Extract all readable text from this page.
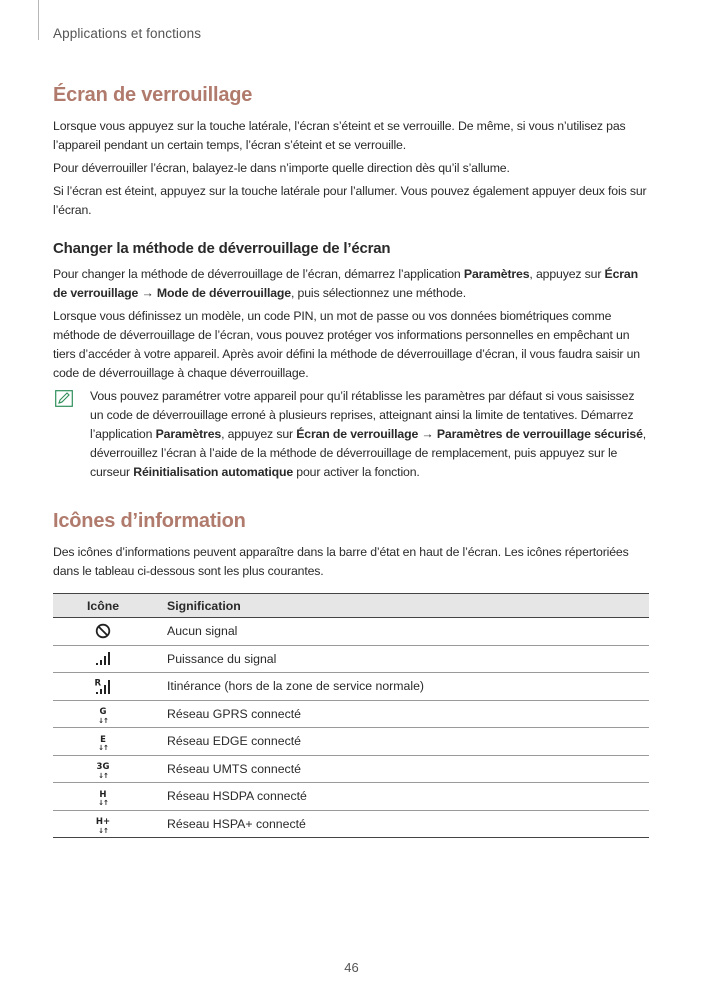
Applications et fonctions
Écran de verrouillage

Lorsque vous appuyez sur la touche latérale, l’écran s’éteint et se verrouille. De même, si vous n’utilisez pas l’appareil pendant un certain temps, l’écran s’éteint et se verrouille.

Pour déverrouiller l’écran, balayez-le dans n’importe quelle direction dès qu’il s’allume.

Si l’écran est éteint, appuyez sur la touche latérale pour l’allumer. Vous pouvez également appuyer deux fois sur l’écran.

Changer la méthode de déverrouillage de l’écran

Pour changer la méthode de déverrouillage de l’écran, démarrez l’application Paramètres, appuyez sur Écran de verrouillage → Mode de déverrouillage, puis sélectionnez une méthode.

Lorsque vous définissez un modèle, un code PIN, un mot de passe ou vos données biométriques comme méthode de déverrouillage de l’écran, vous pouvez protéger vos informations personnelles en empêchant un tiers d’accéder à votre appareil. Après avoir défini la méthode de déverrouillage d’écran, il vous faudra saisir un code de déverrouillage à chaque déverrouillage.

Vous pouvez paramétrer votre appareil pour qu’il rétablisse les paramètres par défaut si vous saisissez un code de déverrouillage erroné à plusieurs reprises, atteignant ainsi la limite de tentatives. Démarrez l’application Paramètres, appuyez sur Écran de verrouillage → Paramètres de verrouillage sécurisé, déverrouillez l’écran à l’aide de la méthode de déverrouillage de remplacement, puis appuyez sur le curseur Réinitialisation automatique pour activer la fonction.

Icônes d’information

Des icônes d’informations peuvent apparaître dans la barre d’état en haut de l’écran. Les icônes répertoriées dans le tableau ci-dessous sont les plus courantes.

Icône	Signification
	Aucun signal
	Puissance du signal

R	Itinérance (hors de la zone de service normale)

G
↓↑	Réseau GPRS connecté

E
↓↑	Réseau EDGE connecté

3G
↓↑	Réseau UMTS connecté

H
↓↑	Réseau HSDPA connecté

H+
↓↑	Réseau HSPA+ connecté
46
